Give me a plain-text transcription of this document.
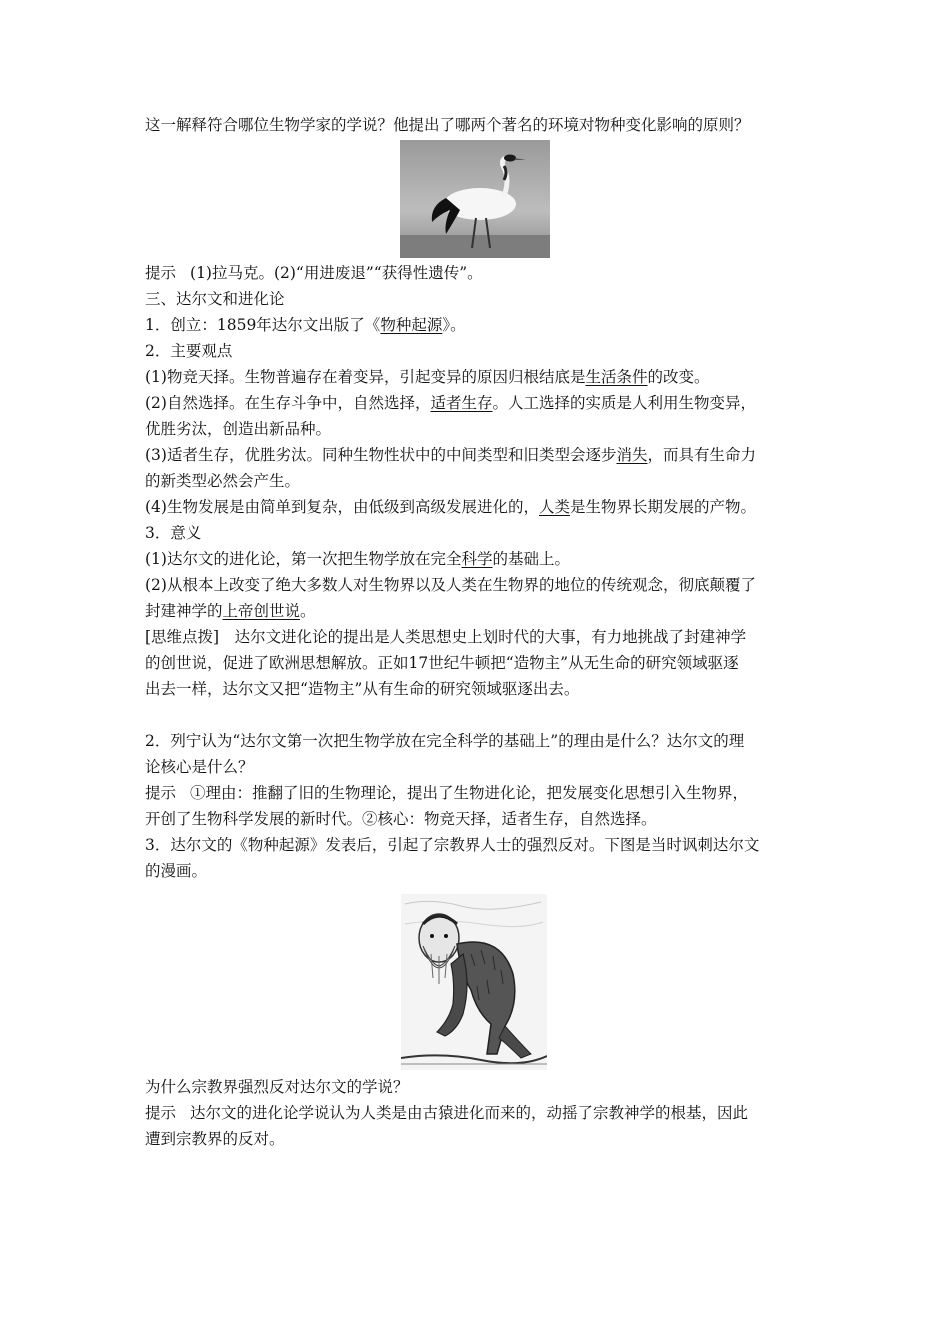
这一解释符合哪位生物学家的学说？他提出了哪两个著名的环境对物种变化影响的原则？
提示 (1)拉马克。(2)“用进废退”“获得性遗传”。
三、达尔文和进化论
1．创立：1859年达尔文出版了《物种起源》。
2．主要观点
(1)物竞天择。生物普遍存在着变异，引起变异的原因归根结底是生活条件的改变。
(2)自然选择。在生存斗争中，自然选择，适者生存。人工选择的实质是人利用生物变异，
优胜劣汰，创造出新品种。
(3)适者生存，优胜劣汰。同种生物性状中的中间类型和旧类型会逐步消失，而具有生命力
的新类型必然会产生。
(4)生物发展是由简单到复杂，由低级到高级发展进化的，人类是生物界长期发展的产物。
3．意义
(1)达尔文的进化论，第一次把生物学放在完全科学的基础上。
(2)从根本上改变了绝大多数人对生物界以及人类在生物界的地位的传统观念，彻底颠覆了
封建神学的上帝创世说。
[思维点拨]　达尔文进化论的提出是人类思想史上划时代的大事，有力地挑战了封建神学
的创世说，促进了欧洲思想解放。正如17世纪牛顿把“造物主”从无生命的研究领域驱逐
出去一样，达尔文又把“造物主”从有生命的研究领域驱逐出去。
2．列宁认为“达尔文第一次把生物学放在完全科学的基础上”的理由是什么？达尔文的理
论核心是什么？
提示 ①理由：推翻了旧的生物理论，提出了生物进化论，把发展变化思想引入生物界，
开创了生物科学发展的新时代。②核心：物竞天择，适者生存，自然选择。
3．达尔文的《物种起源》发表后，引起了宗教界人士的强烈反对。下图是当时讽刺达尔文
的漫画。
为什么宗教界强烈反对达尔文的学说？
提示 达尔文的进化论学说认为人类是由古猿进化而来的，动摇了宗教神学的根基，因此
遭到宗教界的反对。
